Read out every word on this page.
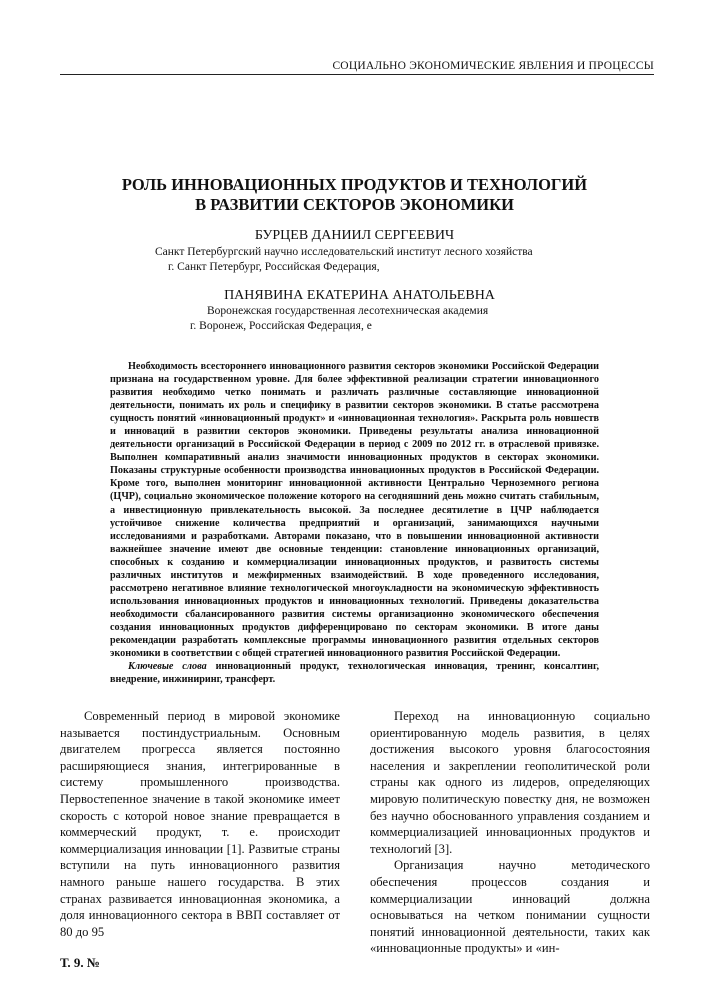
СОЦИАЛЬНО ЭКОНОМИЧЕСКИЕ ЯВЛЕНИЯ И ПРОЦЕССЫ
РОЛЬ ИННОВАЦИОННЫХ ПРОДУКТОВ И ТЕХНОЛОГИЙ
В РАЗВИТИИ СЕКТОРОВ ЭКОНОМИКИ
БУРЦЕВ ДАНИИЛ СЕРГЕЕВИЧ
Санкт Петербургский научно исследовательский институт лесного хозяйства
г. Санкт Петербург, Российская Федерация,
ПАНЯВИНА ЕКАТЕРИНА АНАТОЛЬЕВНА
Воронежская государственная лесотехническая академия
г. Воронеж, Российская Федерация, e

Необходимость всестороннего инновационного развития секторов экономики Российской Федерации признана на государственном уровне. Для более эффективной реализации стратегии инновационного развития необходимо четко понимать и различать различные составляющие инновационной деятельности, понимать их роль и специфику в развитии секторов экономики. В статье рассмотрена сущность понятий «инновационный продукт» и «инновационная технология». Раскрыта роль новшеств и инноваций в развитии секторов экономики. Приведены результаты анализа инновационной деятельности организаций в Российской Федерации в период с 2009 по 2012 гг. в отраслевой привязке. Выполнен компаративный анализ значимости инновационных продуктов в секторах экономики. Показаны структурные особенности производства инновационных продуктов в Российской Федерации. Кроме того, выполнен мониторинг инновационной активности Центрально Черноземного региона (ЦЧР), социально экономическое положение которого на сегодняшний день можно считать стабильным, а инвестиционную привлекательность высокой. За последнее десятилетие в ЦЧР наблюдается устойчивое снижение количества предприятий и организаций, занимающихся научными исследованиями и разработками. Авторами показано, что в повышении инновационной активности важнейшее значение имеют две основные тенденции: становление инновационных организаций, способных к созданию и коммерциализации инновационных продуктов, и развитость системы различных институтов и межфирменных взаимодействий. В ходе проведенного исследования, рассмотрено негативное влияние технологической многоукладности на экономическую эффективность использования инновационных продуктов и инновационных технологий. Приведены доказательства необходимости сбалансированного развития системы организационно экономического обеспечения создания инновационных продуктов дифференцировано по секторам экономики. В итоге даны рекомендации разработать комплексные программы инновационного развития отдельных секторов экономики в соответствии с общей стратегией инновационного развития Российской Федерации.

Ключевые слова инновационный продукт, технологическая инновация, тренинг, консалтинг, внедрение, инжиниринг, трансферт.

Современный период в мировой экономике называется постиндустриальным. Основным двигателем прогресса является постоянно расширяющиеся знания, интегрированные в систему промышленного производства. Первостепенное значение в такой экономике имеет скорость с которой новое знание превращается в коммерческий продукт, т. е. происходит коммерциализация инновации [1]. Развитые страны вступили на путь инновационного развития намного раньше нашего государства. В этих странах развивается инновационная экономика, а доля инновационного сектора в ВВП составляет от 80 до 95

Переход на инновационную социально ориентированную модель развития, в целях достижения высокого уровня благосостояния населения и закреплении геополитической роли страны как одного из лидеров, определяющих мировую политическую повестку дня, не возможен без научно обоснованного управления созданием и коммерциализацией инновационных продуктов и технологий [3].

Организация научно методического обеспечения процессов создания и коммерциализации инноваций должна основываться на четком понимании сущности понятий инновационной деятельности, таких как «инновационные продукты» и «ин-

Т. 9. №
